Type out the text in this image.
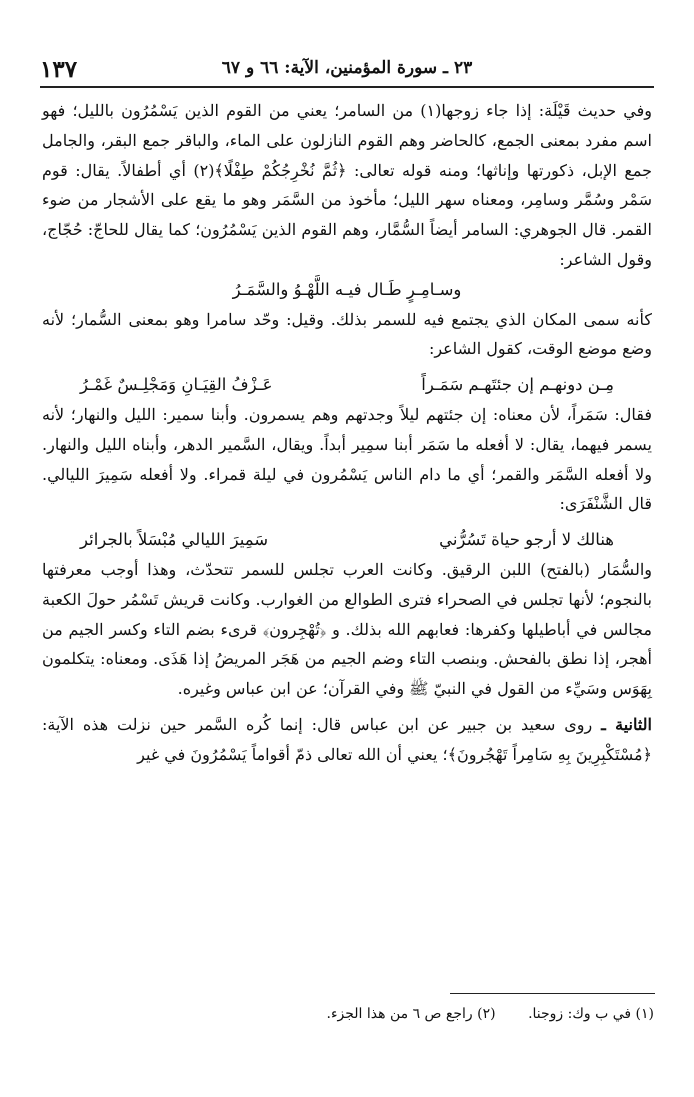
١٣٧	٢٣ ـ سورة المؤمنين، الآية: ٦٦ و ٦٧

وفي حديث قَيْلَة: إذا جاء زوجها(١) من السامر؛ يعني من القوم الذين يَسْمُرُون بالليل؛ فهو اسم مفرد بمعنى الجمع، كالحاضر وهم القوم النازلون على الماء، والباقر جمع البقر، والجامل جمع الإبل، ذكورتها وإناثها؛ ومنه قوله تعالى: ﴿ثُمَّ نُخْرِجُكُمْ طِفْلًا﴾(٢) أي أطفالاً. يقال: قوم سَمْر وسُمَّر وسامِر، ومعناه سهر الليل؛ مأخوذ من السَّمَر وهو ما يقع على الأشجار من ضوء القمر. قال الجوهري: السامر أيضاً السُّمَّار، وهم القوم الذين يَسْمُرُون؛ كما يقال للحاجّ: حُجّاج، وقول الشاعر:

وسـامِـرٍ طَـال فيـه اللَّهْـوُ والسَّمَـرُ

كأنه سمى المكان الذي يجتمع فيه للسمر بذلك. وقيل: وحّد سامرا وهو بمعنى السُّمار؛ لأنه وضع موضع الوقت، كقول الشاعر:

مِـن دونهـم إن جئتَهـم سَمَـراً
عَـزْفُ القِيَـانِ وَمَجْلِـسٌ غَمْـرُ

فقال: سَمَراً، لأن معناه: إن جئتهم ليلاً وجدتهم وهم يسمرون. وأبنا سمير: الليل والنهار؛ لأنه يسمر فيهما، يقال: لا أفعله ما سَمَر أبنا سمِير أبداً. ويقال، السَّمير الدهر، وأبناه الليل والنهار. ولا أفعله السَّمَر والقمر؛ أي ما دام الناس يَسْمُرون في ليلة قمراء. ولا أفعله سَمِيرَ الليالي. قال الشَّنْفَرَى:

هنالك لا أرجو حياة تَسُرُّني
سَمِيرَ الليالي مُبْسَلاً بالجرائر

والسُّمَار (بالفتح) اللبن الرقيق. وكانت العرب تجلس للسمر تتحدّث، وهذا أوجب معرفتها بالنجوم؛ لأنها تجلس في الصحراء فترى الطوالع من الغوارب. وكانت قريش تَسْمُر حولَ الكعبة مجالس في أباطيلها وكفرها: فعابهم الله بذلك. و ﴿تُهْجِرون﴾ قرىء بضم التاء وكسر الجيم من أهجر، إذا نطق بالفحش. وبنصب التاء وضم الجيم من هَجَر المريضُ إذا هَذَى. ومعناه: يتكلمون بِهَوَس وسَيِّء من القول في النبيّ ﷺ وفي القرآن؛ عن ابن عباس وغيره.

الثانية ـ روى سعيد بن جبير عن ابن عباس قال: إنما كُره السَّمر حين نزلت هذه الآية: ﴿مُسْتَكْبِرِينَ بِهِ سَامِراً تَهْجُرونَ﴾؛ يعني أن الله تعالى ذمّ أقواماً يَسْمُرُونَ في غير

(١) في ب وك: زوجنا. (٢) راجع ص ٦ من هذا الجزء.
